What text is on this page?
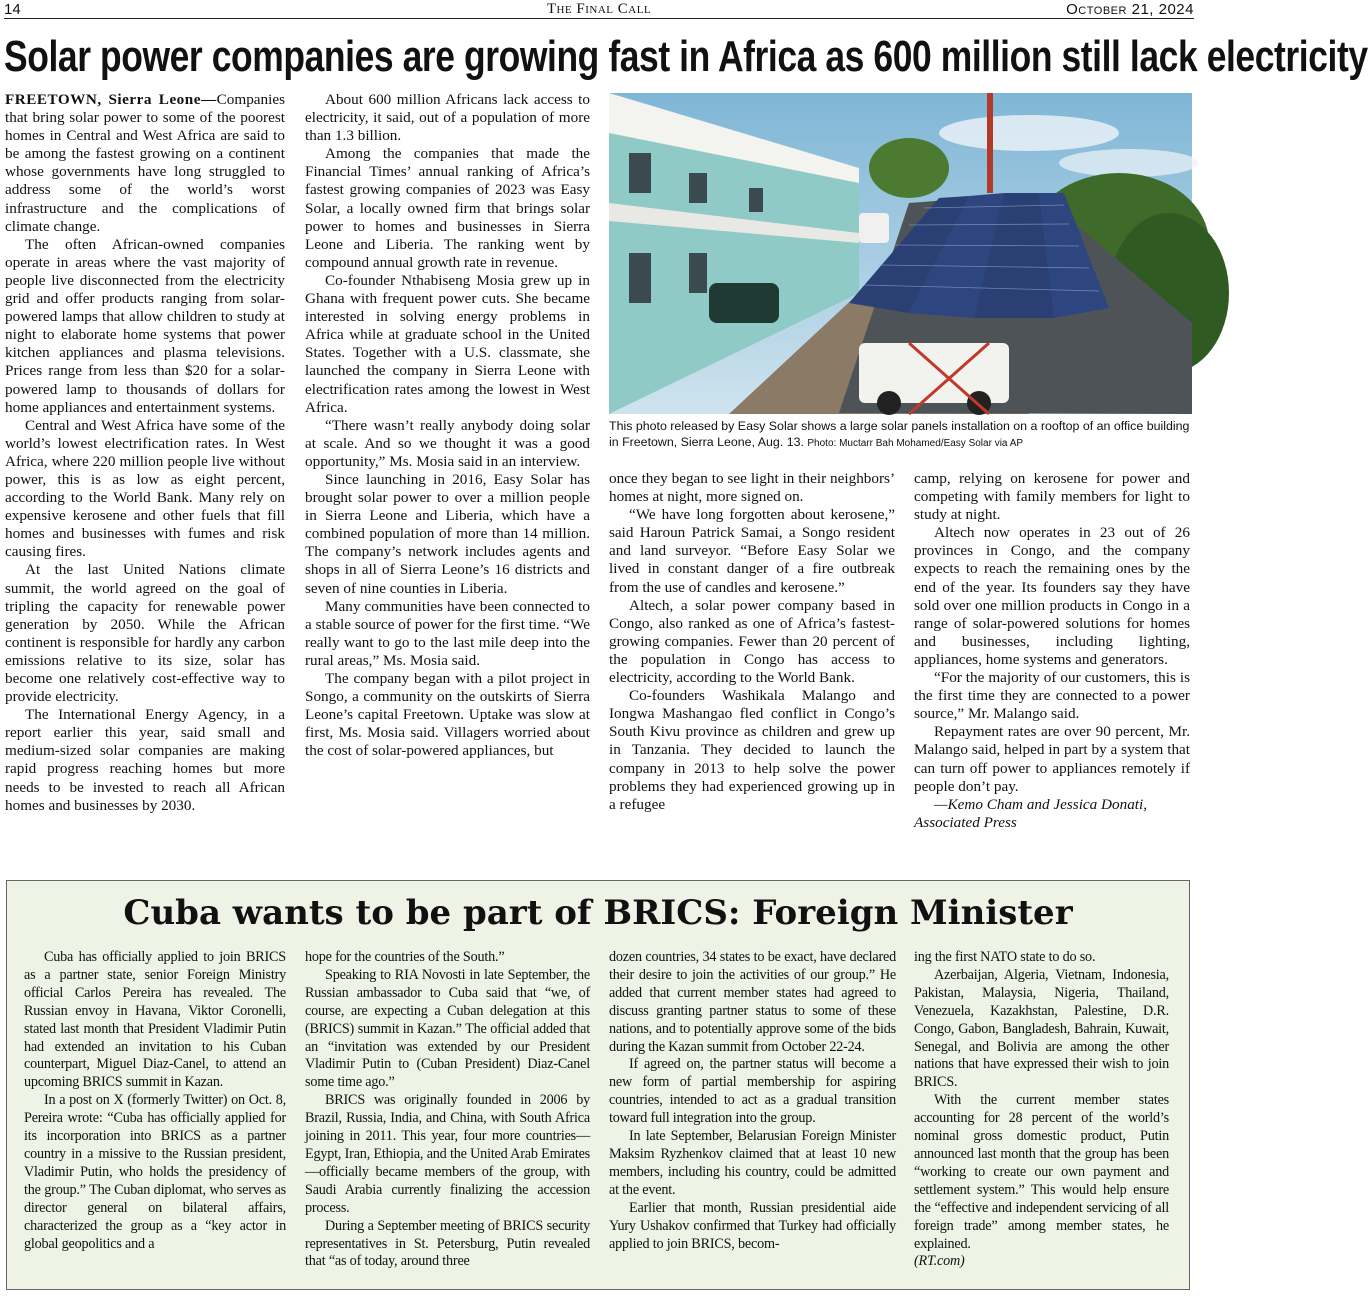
14	The Final Call	October 21, 2024
Solar power companies are growing fast in Africa as 600 million still lack electricity

FREETOWN, Sierra Leone—Companies that bring solar power to some of the poorest homes in Central and West Africa are said to be among the fastest growing on a continent whose governments have long struggled to address some of the world’s worst infrastructure and the complications of climate change.

The often African-owned companies operate in areas where the vast majority of people live disconnected from the electricity grid and offer products ranging from solar-powered lamps that allow children to study at night to elaborate home systems that power kitchen appliances and plasma televisions. Prices range from less than $20 for a solar-powered lamp to thousands of dollars for home appliances and entertainment systems.

Central and West Africa have some of the world’s lowest electrification rates. In West Africa, where 220 million people live without power, this is as low as eight percent, according to the World Bank. Many rely on expensive kerosene and other fuels that fill homes and businesses with fumes and risk causing fires.

At the last United Nations climate summit, the world agreed on the goal of tripling the capacity for renewable power generation by 2050. While the African continent is responsible for hardly any carbon emissions relative to its size, solar has become one relatively cost-effective way to provide electricity.

The International Energy Agency, in a report earlier this year, said small and medium-sized solar companies are making rapid progress reaching homes but more needs to be invested to reach all African homes and businesses by 2030.

About 600 million Africans lack access to electricity, it said, out of a population of more than 1.3 billion.

Among the companies that made the Financial Times’ annual ranking of Africa’s fastest growing companies of 2023 was Easy Solar, a locally owned firm that brings solar power to homes and businesses in Sierra Leone and Liberia. The ranking went by compound annual growth rate in revenue.

Co-founder Nthabiseng Mosia grew up in Ghana with frequent power cuts. She became interested in solving energy problems in Africa while at graduate school in the United States. Together with a U.S. classmate, she launched the company in Sierra Leone with electrification rates among the lowest in West Africa.

“There wasn’t really anybody doing solar at scale. And so we thought it was a good opportunity,” Ms. Mosia said in an interview.

Since launching in 2016, Easy Solar has brought solar power to over a million people in Sierra Leone and Liberia, which have a combined population of more than 14 million. The company’s network includes agents and shops in all of Sierra Leone’s 16 districts and seven of nine counties in Liberia.

Many communities have been connected to a stable source of power for the first time. “We really want to go to the last mile deep into the rural areas,” Ms. Mosia said.

The company began with a pilot project in Songo, a community on the outskirts of Sierra Leone’s capital Freetown. Uptake was slow at first, Ms. Mosia said. Villagers worried about the cost of solar-powered appliances, but

This photo released by Easy Solar shows a large solar panels installation on a rooftop of an office building in Freetown, Sierra Leone, Aug. 13. Photo: Muctarr Bah Mohamed/Easy Solar via AP

once they began to see light in their neighbors’ homes at night, more signed on.

“We have long forgotten about kerosene,” said Haroun Patrick Samai, a Songo resident and land surveyor. “Before Easy Solar we lived in constant danger of a fire outbreak from the use of candles and kerosene.”

Altech, a solar power company based in Congo, also ranked as one of Africa’s fastest-growing companies. Fewer than 20 percent of the population in Congo has access to electricity, according to the World Bank.

Co-founders Washikala Malango and Iongwa Mashangao fled conflict in Congo’s South Kivu province as children and grew up in Tanzania. They decided to launch the company in 2013 to help solve the power problems they had experienced growing up in a refugee

camp, relying on kerosene for power and competing with family members for light to study at night.

Altech now operates in 23 out of 26 provinces in Congo, and the company expects to reach the remaining ones by the end of the year. Its founders say they have sold over one million products in Congo in a range of solar-powered solutions for homes and businesses, including lighting, appliances, home systems and generators.

“For the majority of our customers, this is the first time they are connected to a power source,” Mr. Malango said.

Repayment rates are over 90 percent, Mr. Malango said, helped in part by a system that can turn off power to appliances remotely if people don’t pay.

—Kemo Cham and Jessica Donati,
Associated Press

Cuba wants to be part of BRICS: Foreign Minister

Cuba has officially applied to join BRICS as a partner state, senior Foreign Ministry official Carlos Pereira has revealed. The Russian envoy in Havana, Viktor Coronelli, stated last month that President Vladimir Putin had extended an invitation to his Cuban counterpart, Miguel Diaz-Canel, to attend an upcoming BRICS summit in Kazan.

In a post on X (formerly Twitter) on Oct. 8, Pereira wrote: “Cuba has officially applied for its incorporation into BRICS as a partner country in a missive to the Russian president, Vladimir Putin, who holds the presidency of the group.” The Cuban diplomat, who serves as director general on bilateral affairs, characterized the group as a “key actor in global geopolitics and a

hope for the countries of the South.”

Speaking to RIA Novosti in late September, the Russian ambassador to Cuba said that “we, of course, are expecting a Cuban delegation at this (BRICS) summit in Kazan.” The official added that an “invitation was extended by our President Vladimir Putin to (Cuban President) Diaz-Canel some time ago.”

BRICS was originally founded in 2006 by Brazil, Russia, India, and China, with South Africa joining in 2011. This year, four more countries—Egypt, Iran, Ethiopia, and the United Arab Emirates—officially became members of the group, with Saudi Arabia currently finalizing the accession process.

During a September meeting of BRICS security representatives in St. Petersburg, Putin revealed that “as of today, around three

dozen countries, 34 states to be exact, have declared their desire to join the activities of our group.” He added that current member states had agreed to discuss granting partner status to some of these nations, and to potentially approve some of the bids during the Kazan summit from October 22-24.

If agreed on, the partner status will become a new form of partial membership for aspiring countries, intended to act as a gradual transition toward full integration into the group.

In late September, Belarusian Foreign Minister Maksim Ryzhenkov claimed that at least 10 new members, including his country, could be admitted at the event.

Earlier that month, Russian presidential aide Yury Ushakov confirmed that Turkey had officially applied to join BRICS, becom-

ing the first NATO state to do so.

Azerbaijan, Algeria, Vietnam, Indonesia, Pakistan, Malaysia, Nigeria, Thailand, Venezuela, Kazakhstan, Palestine, D.R. Congo, Gabon, Bangladesh, Bahrain, Kuwait, Senegal, and Bolivia are among the other nations that have expressed their wish to join BRICS.

With the current member states accounting for 28 percent of the world’s nominal gross domestic product, Putin announced last month that the group has been “working to create our own payment and settlement system.” This would help ensure the “effective and independent servicing of all foreign trade” among member states, he explained.

(RT.com)
